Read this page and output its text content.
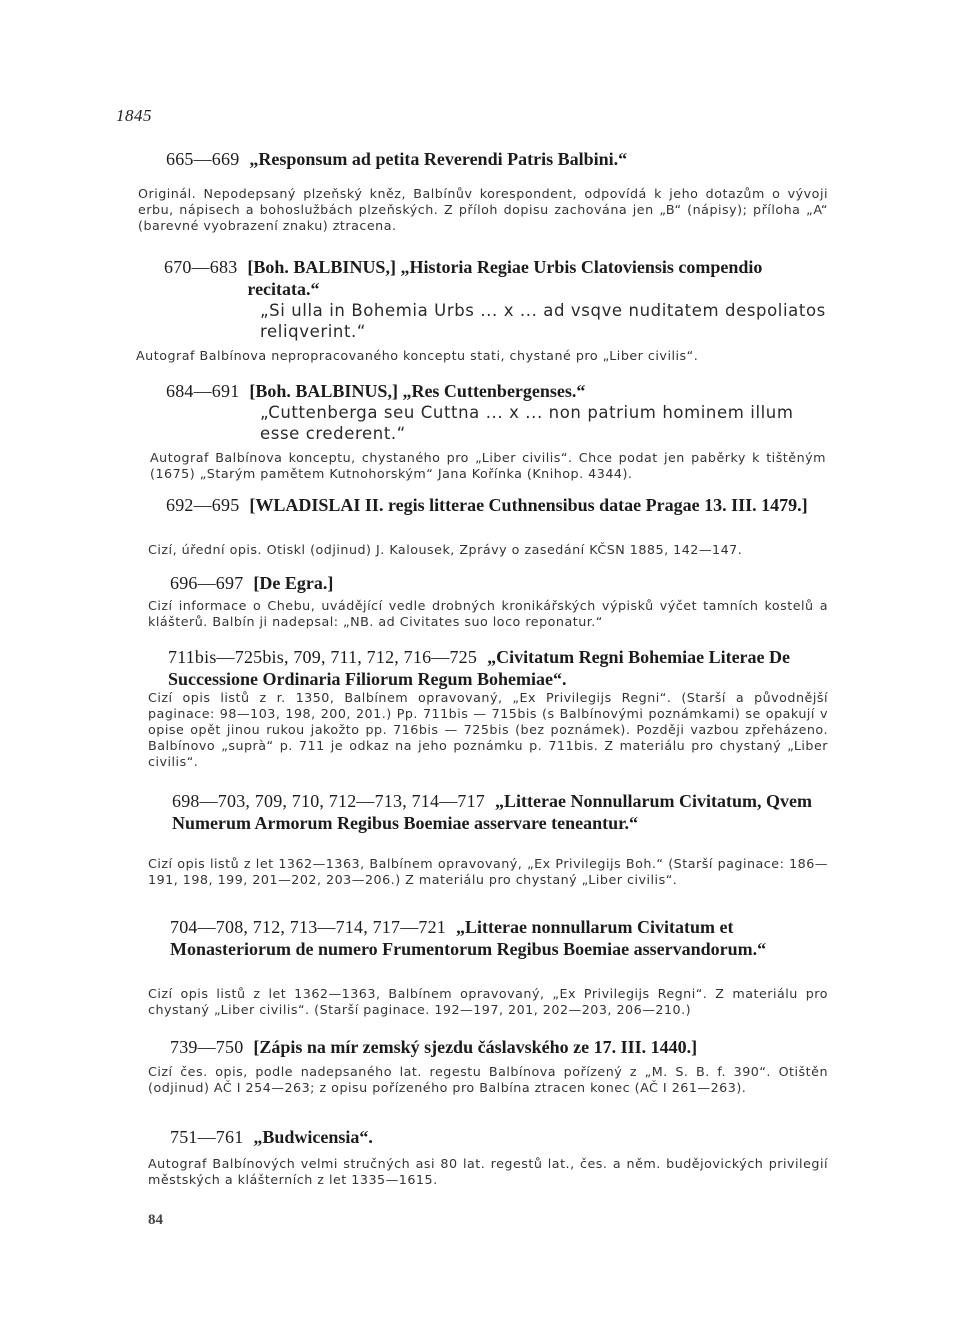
1845
665—669 „Responsum ad petita Reverendi Patris Balbini.“
Originál. Nepodepsaný plzeňský kněz, Balbínův korespondent, odpovídá k jeho dotazům o vývoji erbu, nápisech a bohoslužbách plzeňských. Z příloh dopisu zachována jen „B“ (nápisy); příloha „A“ (barevné vyobrazení znaku) ztracena.
670—683 [Boh. BALBINUS,] „Historia Regiae Urbis Clatoviensis compendio recitata.“
„Si ulla in Bohemia Urbs ... x ... ad vsqve nuditatem despoliatos reliqverint.“
Autograf Balbínova nepropracovaného konceptu stati, chystané pro „Liber civilis“.
684—691 [Boh. BALBINUS,] „Res Cuttenbergenses.“
„Cuttenberga seu Cuttna ... x ... non patrium hominem illum esse crederent.“
Autograf Balbínova konceptu, chystaného pro „Liber civilis“. Chce podat jen paběrky k tištěným (1675) „Starým pamětem Kutnohorským“ Jana Kořínka (Knihop. 4344).
692—695 [WLADISLAI II. regis litterae Cuthnensibus datae Pragae 13. III. 1479.]
Cizí, úřední opis. Otiskl (odjinud) J. Kalousek, Zprávy o zasedání KČSN 1885, 142—147.
696—697 [De Egra.]
Cizí informace o Chebu, uvádějící vedle drobných kronikářských výpisků výčet tamních kostelů a klášterů. Balbín ji nadepsal: „NB. ad Civitates suo loco reponatur.“
711bis—725bis, 709, 711, 712, 716—725 „Civitatum Regni Bohemiae Literae De Successione Ordinaria Filiorum Regum Bohemiae“.
Cizí opis listů z r. 1350, Balbínem opravovaný, „Ex Privilegijs Regni“. (Starší a původnější paginace: 98—103, 198, 200, 201.) Pp. 711bis — 715bis (s Balbínovými poznámkami) se opakují v opise opět jinou rukou jakožto pp. 716bis — 725bis (bez poznámek). Později vazbou zpřeházeno. Balbínovo „suprà“ p. 711 je odkaz na jeho poznámku p. 711bis. Z materiálu pro chystaný „Liber civilis“.
698—703, 709, 710, 712—713, 714—717 „Litterae Nonnullarum Civitatum, Qvem Numerum Armorum Regibus Boemiae asservare teneantur.“
Cizí opis listů z let 1362—1363, Balbínem opravovaný, „Ex Privilegijs Boh.“ (Starší paginace: 186—191, 198, 199, 201—202, 203—206.) Z materiálu pro chystaný „Liber civilis“.
704—708, 712, 713—714, 717—721 „Litterae nonnullarum Civitatum et Monasteriorum de numero Frumentorum Regibus Boemiae asservandorum.“
Cizí opis listů z let 1362—1363, Balbínem opravovaný, „Ex Privilegijs Regni“. Z materiálu pro chystaný „Liber civilis“. (Starší paginace. 192—197, 201, 202—203, 206—210.)
739—750 [Zápis na mír zemský sjezdu čáslavského ze 17. III. 1440.]
Cizí čes. opis, podle nadepsaného lat. regestu Balbínova pořízený z „M. S. B. f. 390“. Otištěn (odjinud) AČ I 254—263; z opisu pořízeného pro Balbína ztracen konec (AČ I 261—263).
751—761 „Budwicensia“.
Autograf Balbínových velmi stručných asi 80 lat. regestů lat., čes. a něm. budějovických privilegií městských a klášterních z let 1335—1615.
84
